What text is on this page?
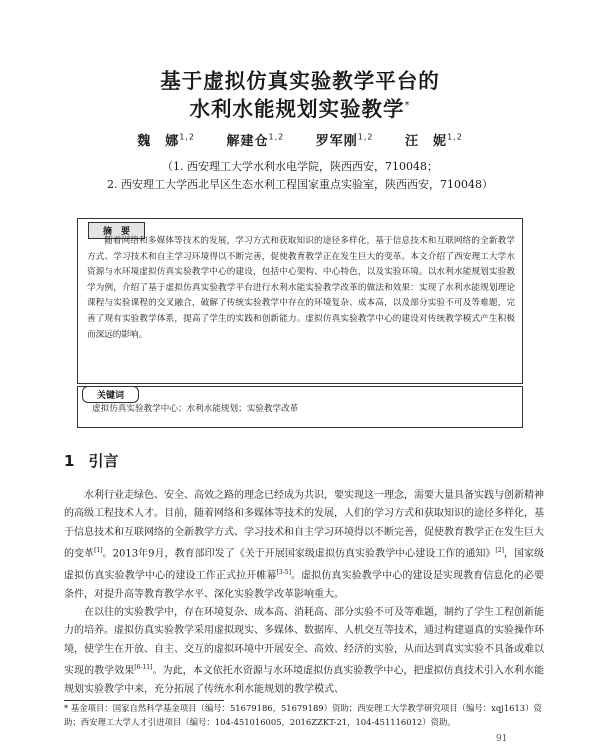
基于虚拟仿真实验教学平台的
水利水能规划实验教学*
魏　娜$^{1,2}$ 解建仓$^{1,2}$ 罗军刚$^{1,2}$ 汪　妮$^{1,2}$
（1. 西安理工大学水利水电学院，陕西西安，710048；
2. 西安理工大学西北旱区生态水利工程国家重点实验室，陕西西安，710048）
摘　要
随着网络和多媒体等技术的发展，学习方式和获取知识的途径多样化，基于信息技术和互联网络的全新教学方式、学习技术和自主学习环境得以不断完善，促使教育教学正在发生巨大的变革。本文介绍了西安理工大学水资源与水环境虚拟仿真实验教学中心的建设，包括中心架构、中心特色，以及实验环境。以水利水能规划实验教学为例，介绍了基于虚拟仿真实验教学平台进行水利水能实验教学改革的做法和效果：实现了水利水能规划理论课程与实验课程的交叉融合，破解了传统实验教学中存在的环境复杂、成本高，以及部分实验不可及等难题，完善了现有实验教学体系，提高了学生的实践和创新能力。虚拟仿真实验教学中心的建设对传统教学模式产生积极而深远的影响。
关键词
虚拟仿真实验教学中心；水利水能规划；实验教学改革
1 引言
水利行业走绿色、安全、高效之路的理念已经成为共识，要实现这一理念，需要大量具备实践与创新精神的高级工程技术人才。目前，随着网络和多媒体等技术的发展，人们的学习方式和获取知识的途径多样化，基于信息技术和互联网络的全新教学方式、学习技术和自主学习环境得以不断完善，促使教育教学正在发生巨大的变革[1]。2013年9月，教育部印发了《关于开展国家级虚拟仿真实验教学中心建设工作的通知》[2]，国家级虚拟仿真实验教学中心的建设工作正式拉开帷幕[3-5]。虚拟仿真实验教学中心的建设是实现教育信息化的必要条件，对提升高等教育教学水平、深化实验教学改革影响重大。
在以往的实验教学中，存在环境复杂、成本高、消耗高、部分实验不可及等难题，制约了学生工程创新能力的培养。虚拟仿真实验教学采用虚拟现实、多媒体、数据库、人机交互等技术，通过构建逼真的实验操作环境，使学生在开放、自主、交互的虚拟环境中开展安全、高效、经济的实验，从而达到真实实验不具备或难以实现的教学效果[6-11]。为此，本文依托水资源与水环境虚拟仿真实验教学中心，把虚拟仿真技术引入水利水能规划实验教学中来，充分拓展了传统水利水能规划的教学模式、
* 基金项目：国家自然科学基金项目（编号：51679186，51679189）资助；西安理工大学教学研究项目（编号：xqj1613）资助；西安理工大学人才引进项目（编号：104-451016005，2016ZZKT-21，104-451116012）资助。
91
